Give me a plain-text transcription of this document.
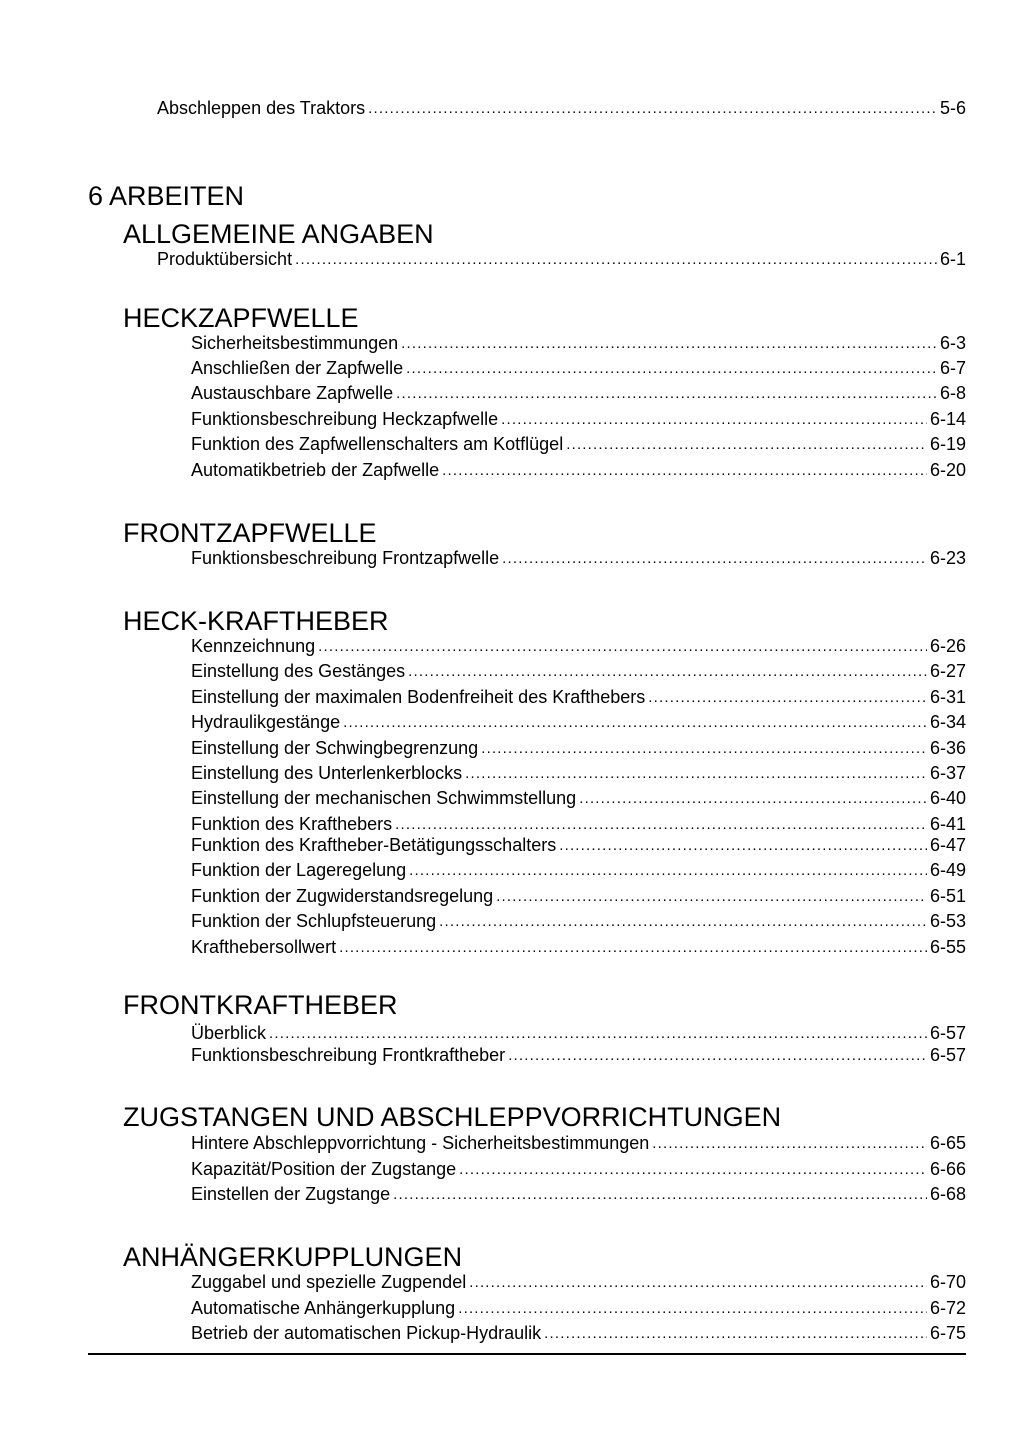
Abschleppen des Traktors .....	5-6
6 ARBEITEN
ALLGEMEINE ANGABEN
Produktübersicht .....	6-1
HECKZAPFWELLE
Sicherheitsbestimmungen .....	6-3
Anschließen der Zapfwelle .....	6-7
Austauschbare Zapfwelle .....	6-8
Funktionsbeschreibung Heckzapfwelle .....	6-14
Funktion des Zapfwellenschalters am Kotflügel .....	6-19
Automatikbetrieb der Zapfwelle .....	6-20
FRONTZAPFWELLE
Funktionsbeschreibung Frontzapfwelle .....	6-23
HECK-KRAFTHEBER
Kennzeichnung .....	6-26
Einstellung des Gestänges .....	6-27
Einstellung der maximalen Bodenfreiheit des Krafthebers .....	6-31
Hydraulikgestänge .....	6-34
Einstellung der Schwingbegrenzung .....	6-36
Einstellung des Unterlenkerblocks .....	6-37
Einstellung der mechanischen Schwimmstellung .....	6-40
Funktion des Krafthebers .....	6-41
Funktion des Kraftheber-Betätigungsschalters .....	6-47
Funktion der Lageregelung .....	6-49
Funktion der Zugwiderstandsregelung .....	6-51
Funktion der Schlupfsteuerung .....	6-53
Krafthebersollwert .....	6-55
FRONTKRAFTHEBER
Überblick .....	6-57
Funktionsbeschreibung Frontkraftheber .....	6-57
ZUGSTANGEN UND ABSCHLEPPVORRICHTUNGEN
Hintere Abschleppvorrichtung - Sicherheitsbestimmungen .....	6-65
Kapazität/Position der Zugstange .....	6-66
Einstellen der Zugstange .....	6-68
ANHÄNGERKUPPLUNGEN
Zuggabel und spezielle Zugpendel .....	6-70
Automatische Anhängerkupplung .....	6-72
Betrieb der automatischen Pickup-Hydraulik .....	6-75
